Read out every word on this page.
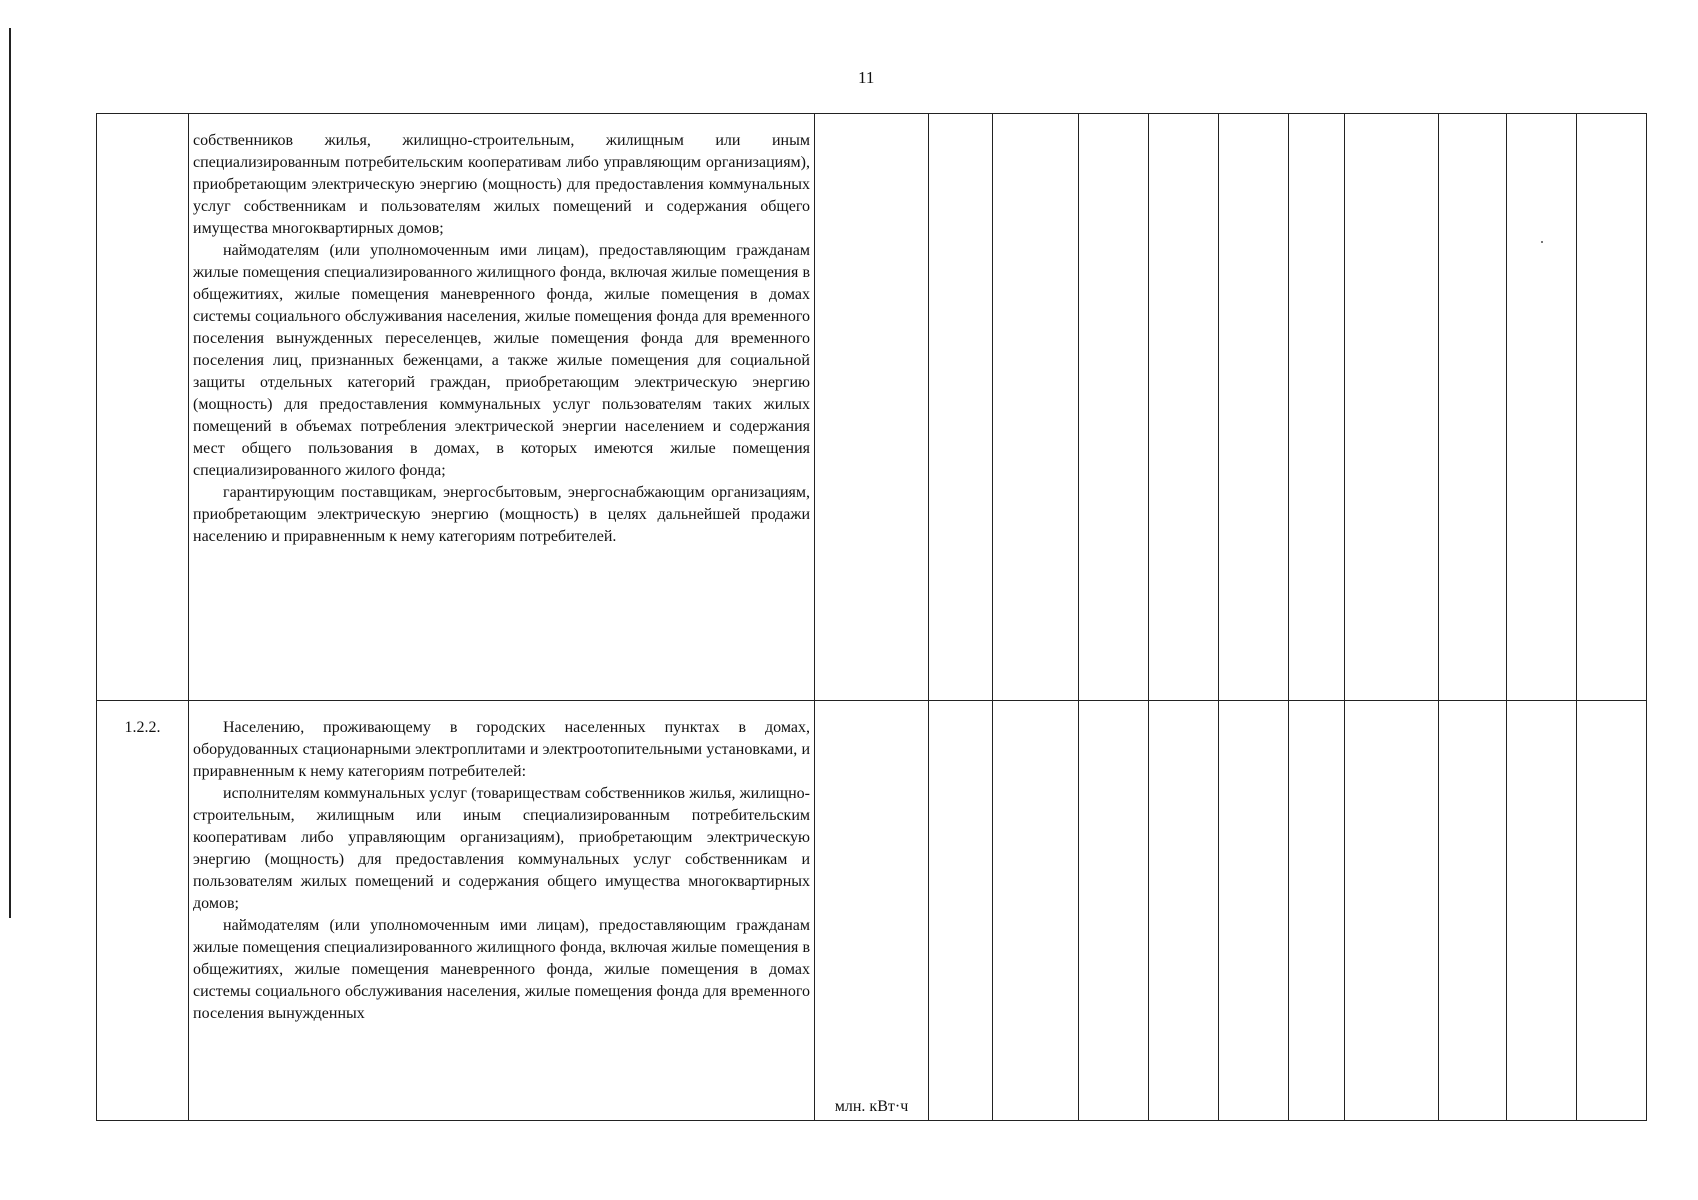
11

	собственников жилья, жилищно-строительным, жилищным или иным специализированным потребительским кооперативам либо управляющим организациям), приобретающим электрическую энергию (мощность) для предоставления коммунальных услуг собственникам и пользователям жилых помещений и содержания общего имущества многоквартирных домов;

наймодателям (или уполномоченным ими лицам), предоставляющим гражданам жилые помещения специализированного жилищного фонда, включая жилые помещения в общежитиях, жилые помещения маневренного фонда, жилые помещения в домах системы социального обслуживания населения, жилые помещения фонда для временного поселения вынужденных переселенцев, жилые помещения фонда для временного поселения лиц, признанных беженцами, а также жилые помещения для социальной защиты отдельных категорий граждан, приобретающим электрическую энергию (мощность) для предоставления коммунальных услуг пользователям таких жилых помещений в объемах потребления электрической энергии населением и содержания мест общего пользования в домах, в которых имеются жилые помещения специализированного жилого фонда;

гарантирующим поставщикам, энергосбытовым, энергоснабжающим организациям, приобретающим электрическую энергию (мощность) в целях дальнейшей продажи населению и приравненным к нему категориям потребителей.											

1.2.2.	Населению, проживающему в городских населенных пунктах в домах, оборудованных стационарными электроплитами и электроотопительными установками, и приравненным к нему категориям потребителей:

исполнителям коммунальных услуг (товариществам собственников жилья, жилищно-строительным, жилищным или иным специализированным потребительским кооперативам либо управляющим организациям), приобретающим электрическую энергию (мощность) для предоставления коммунальных услуг собственникам и пользователям жилых помещений и содержания общего имущества многоквартирных домов;

наймодателям (или уполномоченным ими лицам), предоставляющим гражданам жилые помещения специализированного жилищного фонда, включая жилые помещения в общежитиях, жилые помещения маневренного фонда, жилые помещения в домах системы социального обслуживания населения, жилые помещения фонда для временного поселения вынужденных	млн. кВт·ч										
